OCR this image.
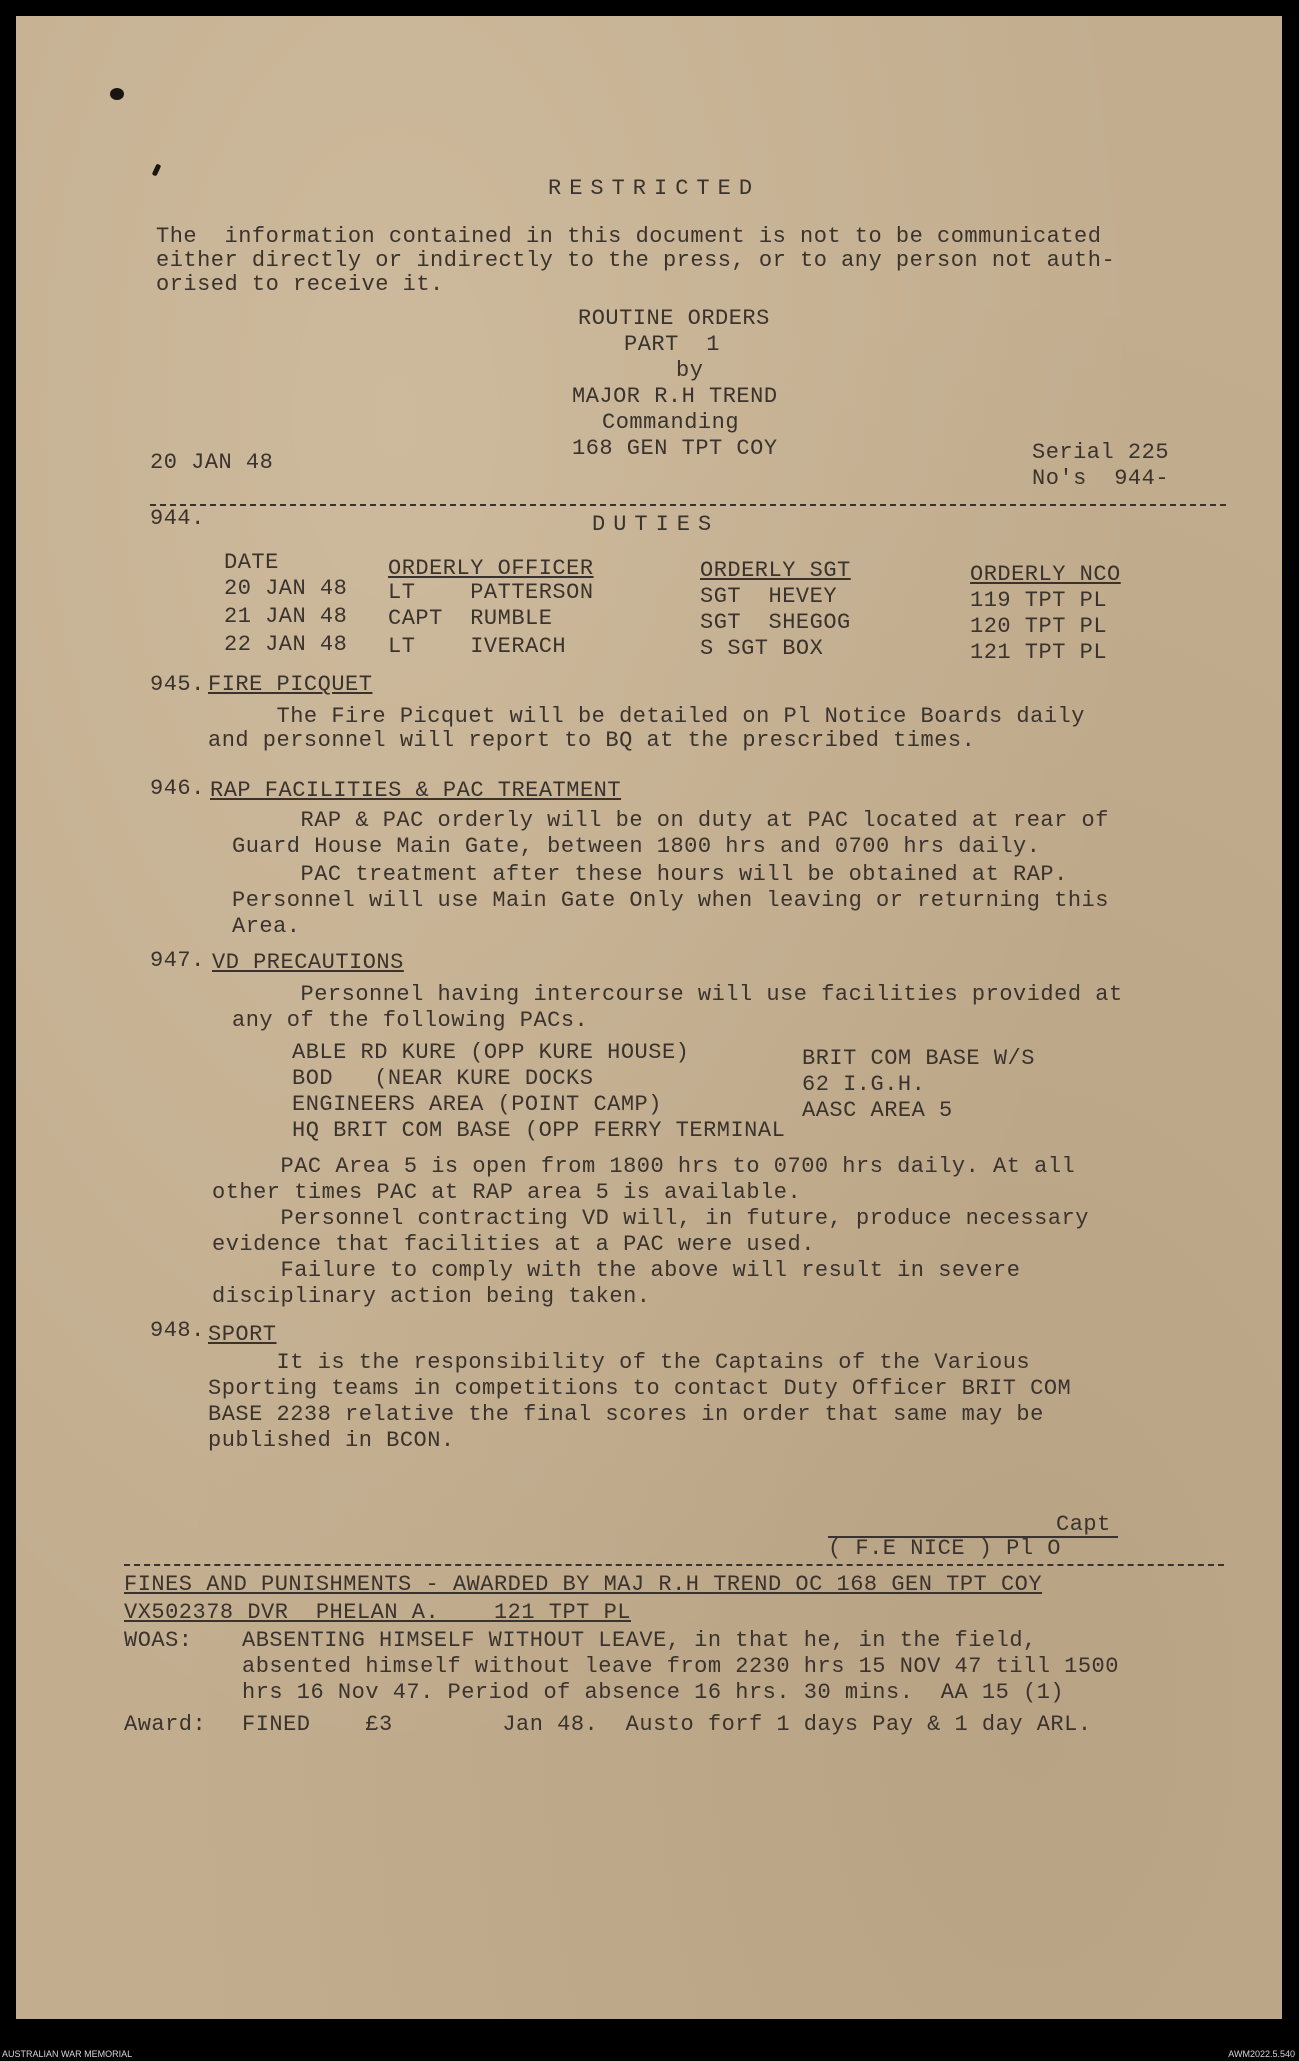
RESTRICTED
The  information contained in this document is not to be communicated
either directly or indirectly to the press, or to any person not auth-
orised to receive it.
ROUTINE ORDERS
PART  1
by
MAJOR R.H TREND
Commanding
168 GEN TPT COY
20 JAN 48	Serial 225
No's  944-
944.	DUTIES
DATE	ORDERLY OFFICER	ORDERLY SGT	ORDERLY NCO
20 JAN 48 LT    PATTERSON	SGT  HEVEY	119 TPT PL
21 JAN 48 CAPT  RUMBLE	SGT  SHEGOG	120 TPT PL
22 JAN 48 LT    IVERACH	S SGT BOX	121 TPT PL
945. FIRE PICQUET
The Fire Picquet will be detailed on Pl Notice Boards daily
and personnel will report to BQ at the prescribed times.
946. RAP FACILITIES & PAC TREATMENT
RAP & PAC orderly will be on duty at PAC located at rear of
Guard House Main Gate, between 1800 hrs and 0700 hrs daily.
PAC treatment after these hours will be obtained at RAP.
Personnel will use Main Gate Only when leaving or returning this
Area.
947. VD PRECAUTIONS
Personnel having intercourse will use facilities provided at
any of the following PACs.
ABLE RD KURE (OPP KURE HOUSE)
BOD   (NEAR KURE DOCKS
ENGINEERS AREA (POINT CAMP)
HQ BRIT COM BASE (OPP FERRY TERMINAL
BRIT COM BASE W/S
62 I.G.H.
AASC AREA 5
PAC Area 5 is open from 1800 hrs to 0700 hrs daily. At all
other times PAC at RAP area 5 is available.
Personnel contracting VD will, in future, produce necessary
evidence that facilities at a PAC were used.
Failure to comply with the above will result in severe
disciplinary action being taken.
948. SPORT
It is the responsibility of the Captains of the Various
Sporting teams in competitions to contact Duty Officer BRIT COM
BASE 2238 relative the final scores in order that same may be
published in BCON.
Capt
( F.E NICE ) Pl O
FINES AND PUNISHMENTS - AWARDED BY MAJ R.H TREND OC 168 GEN TPT COY
VX502378 DVR  PHELAN A.    121 TPT PL
WOAS: ABSENTING HIMSELF WITHOUT LEAVE, in that he, in the field,
absented himself without leave from 2230 hrs 15 NOV 47 till 1500
hrs 16 Nov 47. Period of absence 16 hrs. 30 mins.  AA 15 (1)
Award: FINED    £3        Jan 48.  Austo forf 1 days Pay & 1 day ARL.
AUSTRALIAN WAR MEMORIAL	AWM2022.5.540
